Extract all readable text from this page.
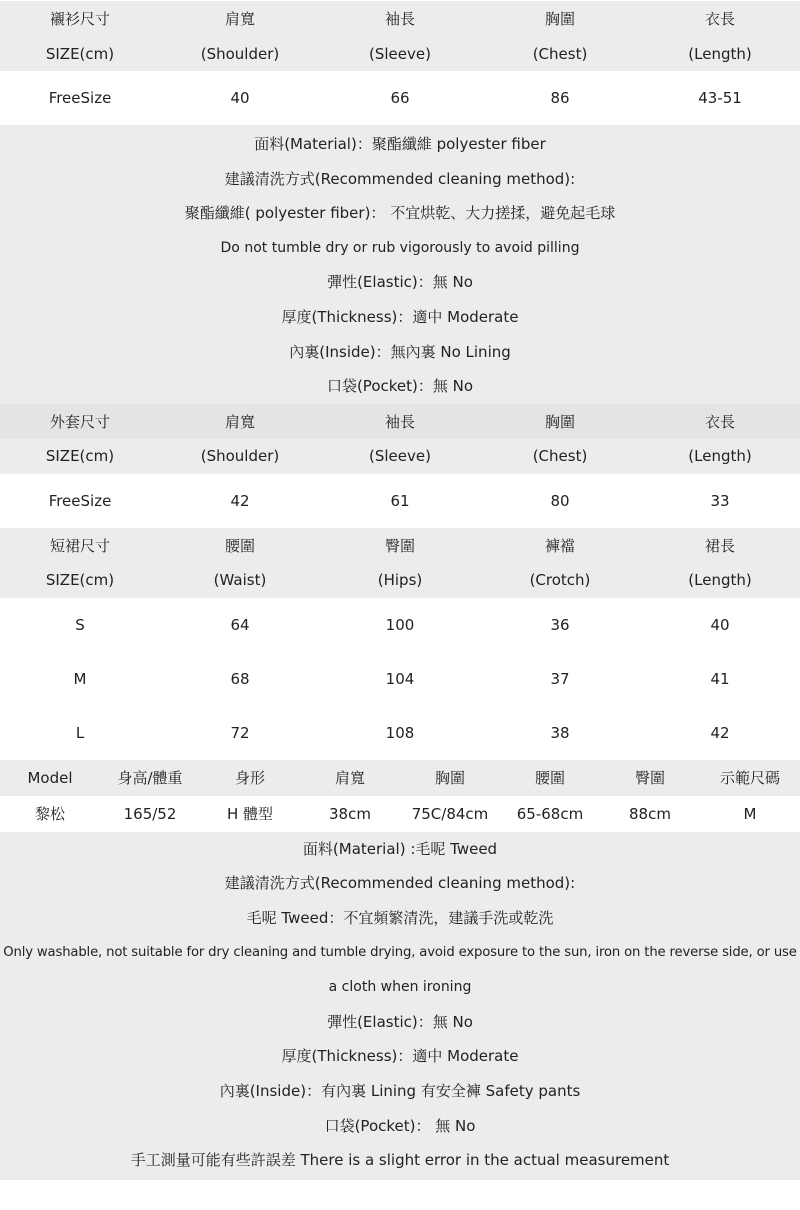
襯衫尺寸	肩寬	袖長	胸圍	衣長
SIZE(cm)	(Shoulder)	(Sleeve)	(Chest)	(Length)
FreeSize	40	66	86	43-51
面料(Material)：聚酯纖維 polyester fiber
建議清洗方式(Recommended cleaning method):
聚酯纖維( polyester fiber)： 不宜烘乾、大力搓揉，避免起毛球
Do not tumble dry or rub vigorously to avoid pilling
彈性(Elastic)：無 No
厚度(Thickness)：適中 Moderate
內裏(Inside)：無內裏 No Lining
口袋(Pocket)：無 No
外套尺寸	肩寬	袖長	胸圍	衣長
SIZE(cm)	(Shoulder)	(Sleeve)	(Chest)	(Length)
FreeSize	42	61	80	33
短裙尺寸	腰圍	臀圍	褲襠	裙長
SIZE(cm)	(Waist)	(Hips)	(Crotch)	(Length)
S	64	100	36	40
M	68	104	37	41
L	72	108	38	42
Model	身高/體重	身形	肩寬	胸圍	腰圍	臀圍	示範尺碼
黎松	165/52	H 體型	38cm	75C/84cm	65-68cm	88cm	M
面料(Material) :毛呢 Tweed
建議清洗方式(Recommended cleaning method):
毛呢 Tweed：不宜頻繁清洗，建議手洗或乾洗
Only washable, not suitable for dry cleaning and tumble drying, avoid exposure to the sun, iron on the reverse side, or use
a cloth when ironing
彈性(Elastic)：無 No
厚度(Thickness)：適中 Moderate
內裏(Inside)：有內裏 Lining 有安全褲 Safety pants
口袋(Pocket)： 無 No
手工測量可能有些許誤差 There is a slight error in the actual measurement
